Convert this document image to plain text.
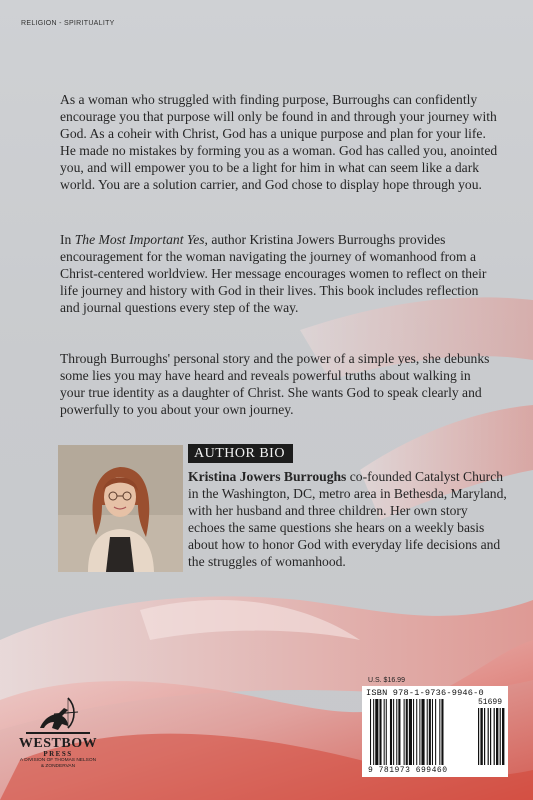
RELIGION - SPIRITUALITY

As a woman who struggled with finding purpose, Burroughs can confidently encourage you that purpose will only be found in and through your journey with God. As a coheir with Christ, God has a unique purpose and plan for your life. He made no mistakes by forming you as a woman. God has called you, anointed you, and will empower you to be a light for him in what can seem like a dark world. You are a solution carrier, and God chose to display hope through you.

In The Most Important Yes, author Kristina Jowers Burroughs provides encouragement for the woman navigating the journey of womanhood from a Christ-centered worldview. Her message encourages women to reflect on their life journey and history with God in their lives. This book includes reflection and journal questions every step of the way.

Through Burroughs' personal story and the power of a simple yes, she debunks some lies you may have heard and reveals powerful truths about walking in your true identity as a daughter of Christ. She wants God to speak clearly and powerfully to you about your own journey.

AUTHOR BIO

Kristina Jowers Burroughs co-founded Catalyst Church in the Washington, DC, metro area in Bethesda, Maryland, with her husband and three children. Her own story echoes the same questions she hears on a weekly basis about how to honor God with everyday life decisions and the struggles of womanhood.

U.S. $16.99
ISBN 978-1-9736-9946-0
51699
9 781973 699460
WESTBOW
PRESS
A DIVISION OF THOMAS NELSON
& ZONDERVAN
